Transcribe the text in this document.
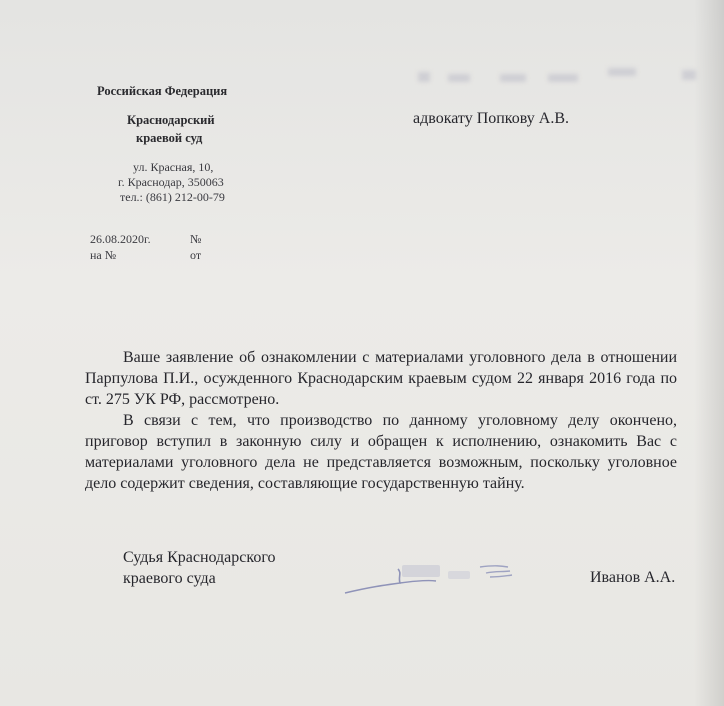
Российская Федерация
Краснодарский
краевой суд
ул. Красная, 10,
г. Краснодар, 350063
тел.: (861) 212-00-79
26.08.2020г.	№
на №	от
адвокату Попкову А.В.
Ваше заявление об ознакомлении с материалами уголовного дела в отношении Парпулова П.И., осужденного Краснодарским краевым судом 22 января 2016 года по ст. 275 УК РФ, рассмотрено.
В связи с тем, что производство по данному уголовному делу окончено, приговор вступил в законную силу и обращен к исполнению, ознакомить Вас с материалами уголовного дела не представляется возможным, поскольку уголовное дело содержит сведения, составляющие государственную тайну.
Судья Краснодарского
краевого суда	Иванов А.А.
